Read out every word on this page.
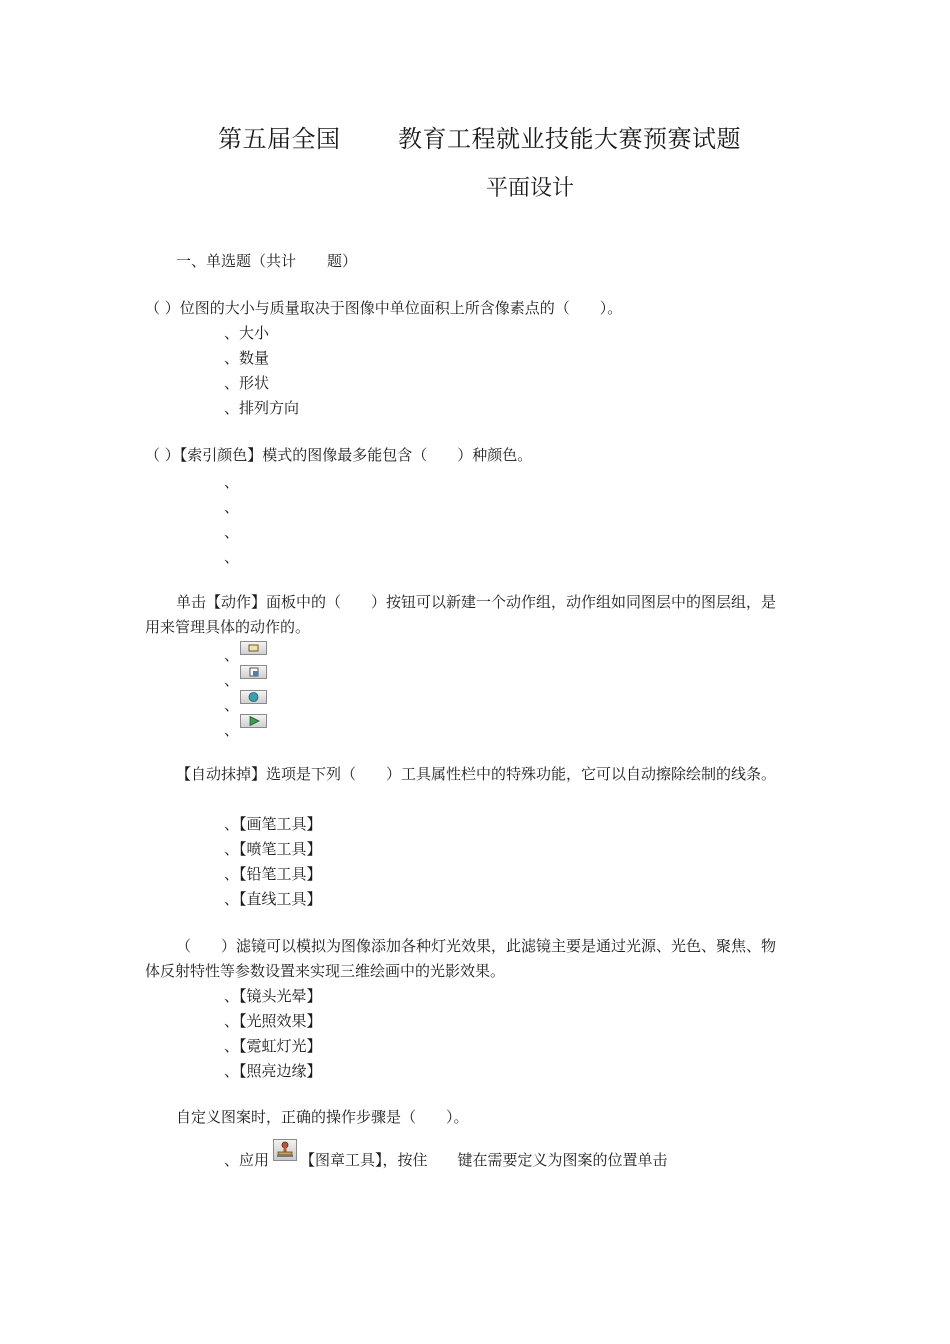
第五届全国 教育工程就业技能大赛预赛试题
平面设计
一、单选题（共计 题）
（ ）位图的大小与质量取决于图像中单位面积上所含像素点的（　　）。
、大小
、数量
、形状
、排列方向
（ ）【索引颜色】模式的图像最多能包含（　　）种颜色。
、
、
、
、
单击【动作】面板中的（　　）按钮可以新建一个动作组，动作组如同图层中的图层组，是
用来管理具体的动作的。
、
、
、
、
【自动抹掉】选项是下列（　　）工具属性栏中的特殊功能，它可以自动擦除绘制的线条。
、【画笔工具】
、【喷笔工具】
、【铅笔工具】
、【直线工具】
（　　）滤镜可以模拟为图像添加各种灯光效果，此滤镜主要是通过光源、光色、聚焦、物
体反射特性等参数设置来实现三维绘画中的光影效果。
、【镜头光晕】
、【光照效果】
、【霓虹灯光】
、【照亮边缘】
自定义图案时，正确的操作步骤是（　　）。
、应用 【图章工具】，按住　　键在需要定义为图案的位置单击
